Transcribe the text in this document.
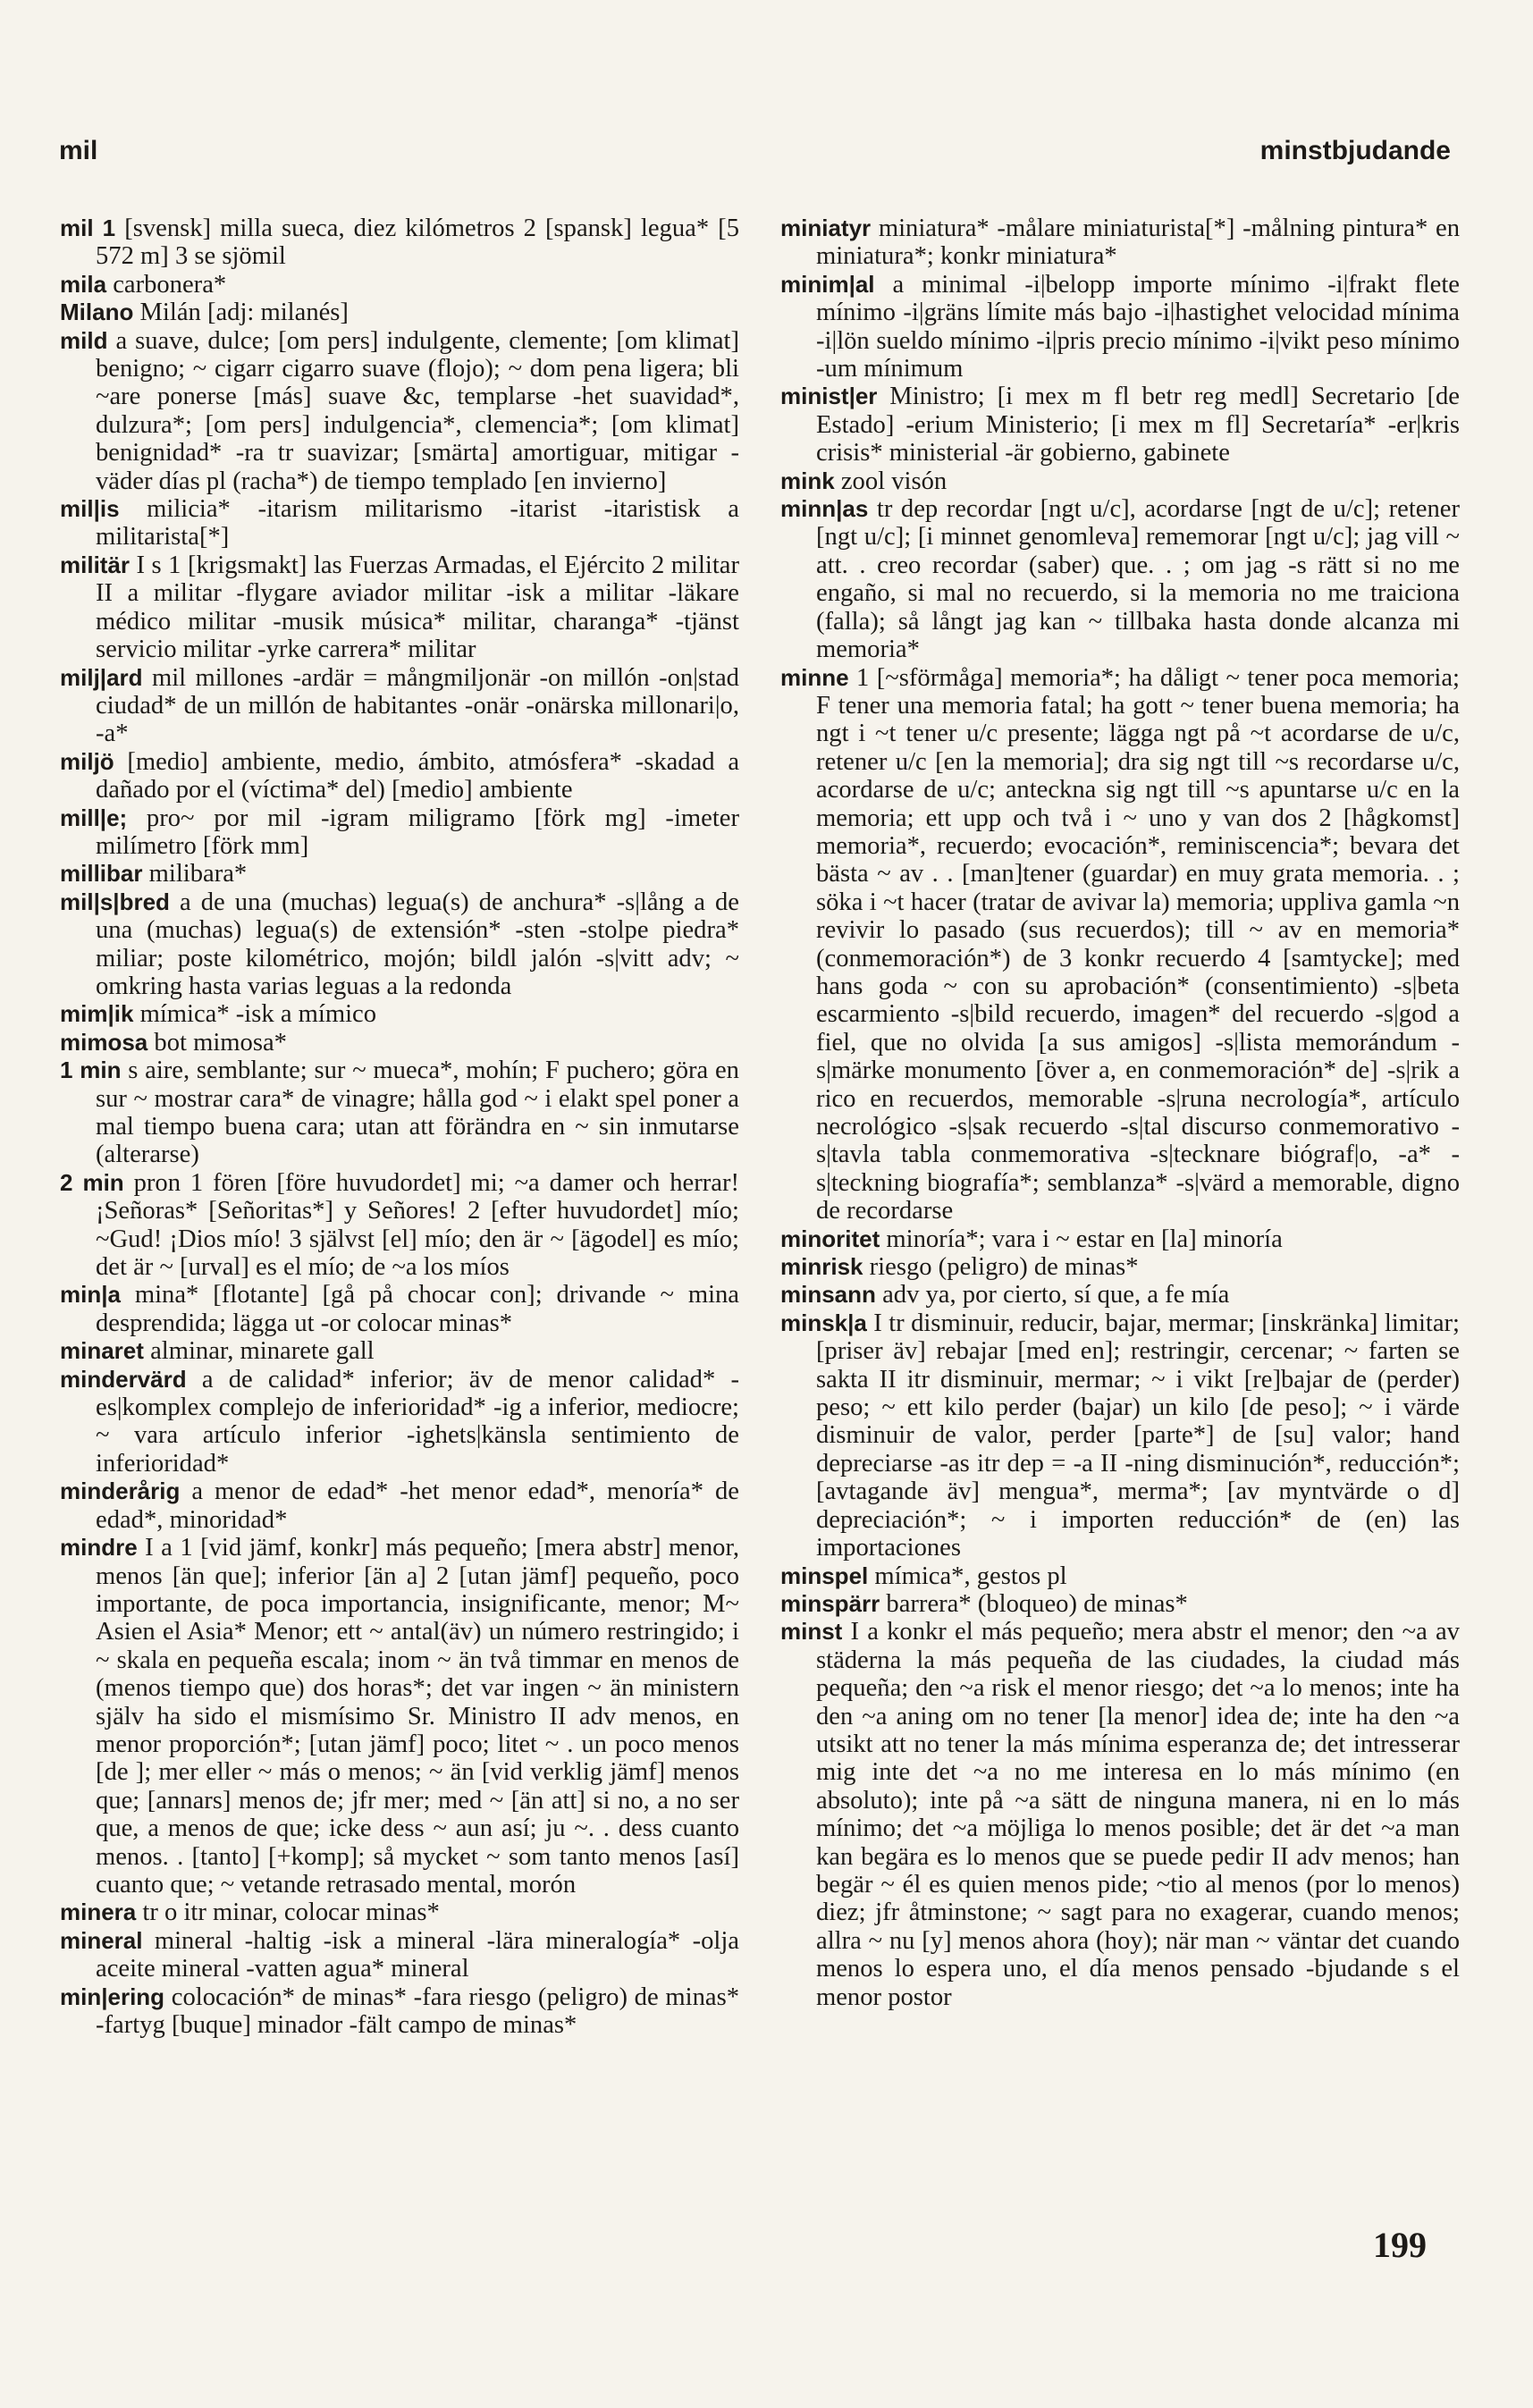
mil	minstbjudande

mil 1 [svensk] milla sueca, diez kilómetros 2 [spansk] legua* [5 572 m] 3 se sjömil

mila carbonera*

Milano Milán [adj: milanés]

mild a suave, dulce; [om pers] indulgente, clemente; [om klimat] benigno; ~ cigarr cigarro suave (flojo); ~ dom pena ligera; bli ~are ponerse [más] suave &c, templarse -het suavidad*, dulzura*; [om pers] indulgencia*, clemencia*; [om klimat] benignidad* -ra tr suavizar; [smärta] amortiguar, mitigar -väder días pl (racha*) de tiempo templado [en invierno]

mil|is milicia* -itarism militarismo -itarist -itaristisk a militarista[*]

militär I s 1 [krigsmakt] las Fuerzas Armadas, el Ejército 2 militar II a militar -flygare aviador militar -isk a militar -läkare médico militar -musik música* militar, charanga* -tjänst servicio militar -yrke carrera* militar

milj|ard mil millones -ardär = mångmiljonär -on millón -on|stad ciudad* de un millón de habitantes -onär -onärska millonari|o, -a*

miljö [medio] ambiente, medio, ámbito, atmósfera* -skadad a dañado por el (víctima* del) [medio] ambiente

mill|e; pro~ por mil -igram miligramo [förk mg] -imeter milímetro [förk mm]

millibar milibara*

mil|s|bred a de una (muchas) legua(s) de anchura* -s|lång a de una (muchas) legua(s) de extensión* -sten -stolpe piedra* miliar; poste kilométrico, mojón; bildl jalón -s|vitt adv; ~ omkring hasta varias leguas a la redonda

mim|ik mímica* -isk a mímico

mimosa bot mimosa*

1 min s aire, semblante; sur ~ mueca*, mohín; F puchero; göra en sur ~ mostrar cara* de vinagre; hålla god ~ i elakt spel poner a mal tiempo buena cara; utan att förändra en ~ sin inmutarse (alterarse)

2 min pron 1 fören [före huvudordet] mi; ~a damer och herrar! ¡Señoras* [Señoritas*] y Señores! 2 [efter huvudordet] mío; ~Gud! ¡Dios mío! 3 självst [el] mío; den är ~ [ägodel] es mío; det är ~ [urval] es el mío; de ~a los míos

min|a mina* [flotante] [gå på chocar con]; drivande ~ mina desprendida; lägga ut -or colocar minas*

minaret alminar, minarete gall

mindervärd a de calidad* inferior; äv de menor calidad* -es|komplex complejo de inferioridad* -ig a inferior, mediocre; ~ vara artículo inferior -ighets|känsla sentimiento de inferioridad*

minderårig a menor de edad* -het menor edad*, menoría* de edad*, minoridad*

mindre I a 1 [vid jämf, konkr] más pequeño; [mera abstr] menor, menos [än que]; inferior [än a] 2 [utan jämf] pequeño, poco importante, de poca importancia, insignificante, menor; M~ Asien el Asia* Menor; ett ~ antal(äv) un número restringido; i ~ skala en pequeña escala; inom ~ än två timmar en menos de (menos tiempo que) dos horas*; det var ingen ~ än ministern själv ha sido el mismísimo Sr. Ministro II adv menos, en menor proporción*; [utan jämf] poco; litet ~ . un poco menos [de ]; mer eller ~ más o menos; ~ än [vid verklig jämf] menos que; [annars] menos de; jfr mer; med ~ [än att] si no, a no ser que, a menos de que; icke dess ~ aun así; ju ~. . dess cuanto menos. . [tanto] [+komp]; så mycket ~ som tanto menos [así] cuanto que; ~ vetande retrasado mental, morón

minera tr o itr minar, colocar minas*

mineral mineral -haltig -isk a mineral -lära mineralogía* -olja aceite mineral -vatten agua* mineral

min|ering colocación* de minas* -fara riesgo (peligro) de minas* -fartyg [buque] minador -fält campo de minas*

miniatyr miniatura* -målare miniaturista[*] -målning pintura* en miniatura*; konkr miniatura*

minim|al a minimal -i|belopp importe mínimo -i|frakt flete mínimo -i|gräns límite más bajo -i|hastighet velocidad mínima -i|lön sueldo mínimo -i|pris precio mínimo -i|vikt peso mínimo -um mínimum

minist|er Ministro; [i mex m fl betr reg medl] Secretario [de Estado] -erium Ministerio; [i mex m fl] Secretaría* -er|kris crisis* ministerial -är gobierno, gabinete

mink zool visón

minn|as tr dep recordar [ngt u/c], acordarse [ngt de u/c]; retener [ngt u/c]; [i minnet genomleva] rememorar [ngt u/c]; jag vill ~ att. . creo recordar (saber) que. . ; om jag -s rätt si no me engaño, si mal no recuerdo, si la memoria no me traiciona (falla); så långt jag kan ~ tillbaka hasta donde alcanza mi memoria*

minne 1 [~sförmåga] memoria*; ha dåligt ~ tener poca memoria; F tener una memoria fatal; ha gott ~ tener buena memoria; ha ngt i ~t tener u/c presente; lägga ngt på ~t acordarse de u/c, retener u/c [en la memoria]; dra sig ngt till ~s recordarse u/c, acordarse de u/c; anteckna sig ngt till ~s apuntarse u/c en la memoria; ett upp och två i ~ uno y van dos 2 [hågkomst] memoria*, recuerdo; evocación*, reminiscencia*; bevara det bästa ~ av . . [man]tener (guardar) en muy grata memoria. . ; söka i ~t hacer (tratar de avivar la) memoria; uppliva gamla ~n revivir lo pasado (sus recuerdos); till ~ av en memoria* (conmemoración*) de 3 konkr recuerdo 4 [samtycke]; med hans goda ~ con su aprobación* (consentimiento) -s|beta escarmiento -s|bild recuerdo, imagen* del recuerdo -s|god a fiel, que no olvida [a sus amigos] -s|lista memorándum -s|märke monumento [över a, en conmemoración* de] -s|rik a rico en recuerdos, memorable -s|runa necrología*, artículo necrológico -s|sak recuerdo -s|tal discurso conmemorativo -s|tavla tabla conmemorativa -s|tecknare biógraf|o, -a* -s|teckning biografía*; semblanza* -s|värd a memorable, digno de recordarse

minoritet minoría*; vara i ~ estar en [la] minoría

minrisk riesgo (peligro) de minas*

minsann adv ya, por cierto, sí que, a fe mía

minsk|a I tr disminuir, reducir, bajar, mermar; [inskränka] limitar; [priser äv] rebajar [med en]; restringir, cercenar; ~ farten se sakta II itr disminuir, mermar; ~ i vikt [re]bajar de (perder) peso; ~ ett kilo perder (bajar) un kilo [de peso]; ~ i värde disminuir de valor, perder [parte*] de [su] valor; hand depreciarse -as itr dep = -a II -ning disminución*, reducción*; [avtagande äv] mengua*, merma*; [av myntvärde o d] depreciación*; ~ i importen reducción* de (en) las importaciones

minspel mímica*, gestos pl

minspärr barrera* (bloqueo) de minas*

minst I a konkr el más pequeño; mera abstr el menor; den ~a av städerna la más pequeña de las ciudades, la ciudad más pequeña; den ~a risk el menor riesgo; det ~a lo menos; inte ha den ~a aning om no tener [la menor] idea de; inte ha den ~a utsikt att no tener la más mínima esperanza de; det intresserar mig inte det ~a no me interesa en lo más mínimo (en absoluto); inte på ~a sätt de ninguna manera, ni en lo más mínimo; det ~a möjliga lo menos posible; det är det ~a man kan begära es lo menos que se puede pedir II adv menos; han begär ~ él es quien menos pide; ~tio al menos (por lo menos) diez; jfr åtminstone; ~ sagt para no exagerar, cuando menos; allra ~ nu [y] menos ahora (hoy); när man ~ väntar det cuando menos lo espera uno, el día menos pensado -bjudande s el menor postor

199
